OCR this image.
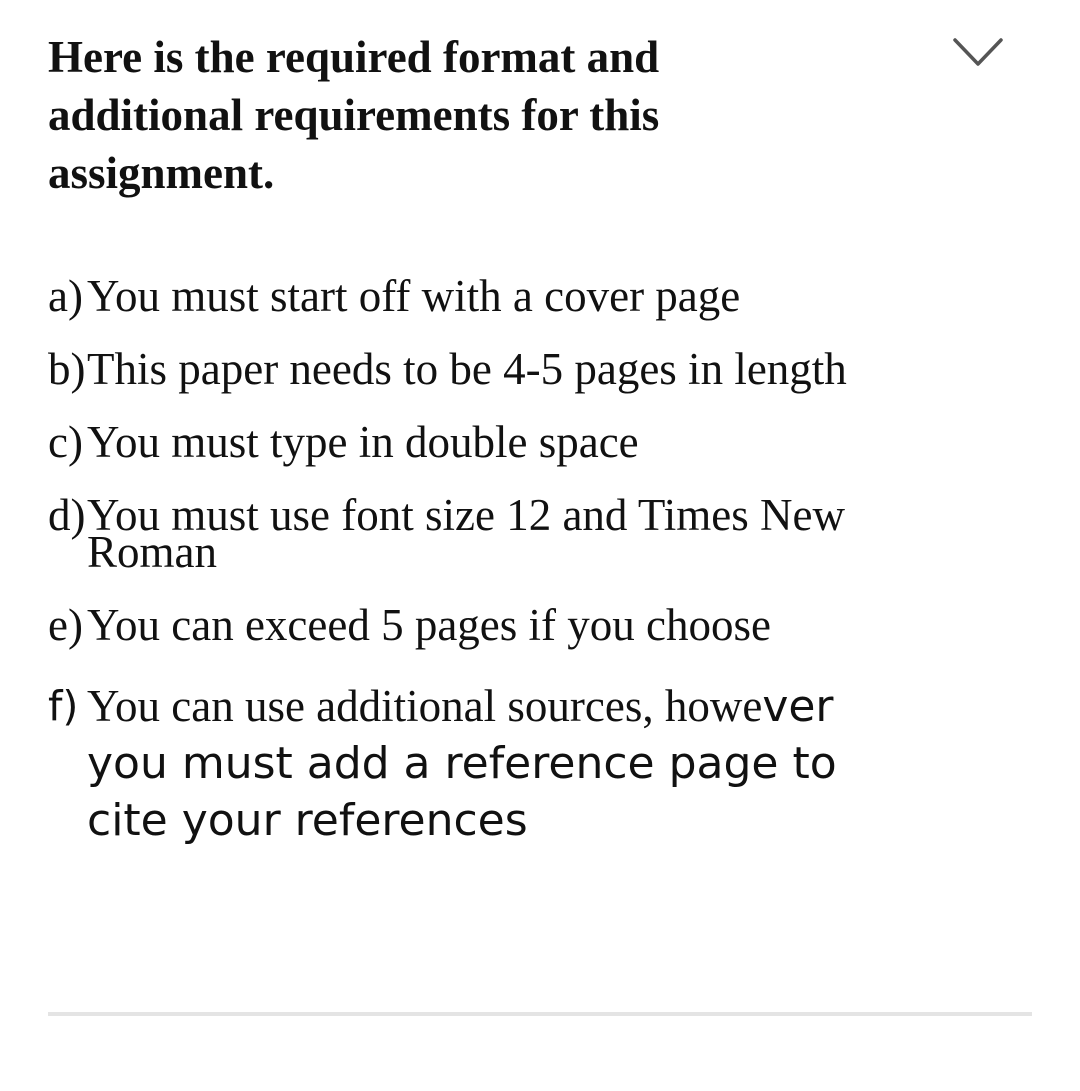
Here is the required format and additional requirements for this assignment.
a) You must start off with a cover page
b) This paper needs to be 4-5 pages in length
c) You must type in double space
d) You must use font size 12 and Times New Roman
e) You can exceed 5 pages if you choose
f) You can use additional sources, however you must add a reference page to cite your references
